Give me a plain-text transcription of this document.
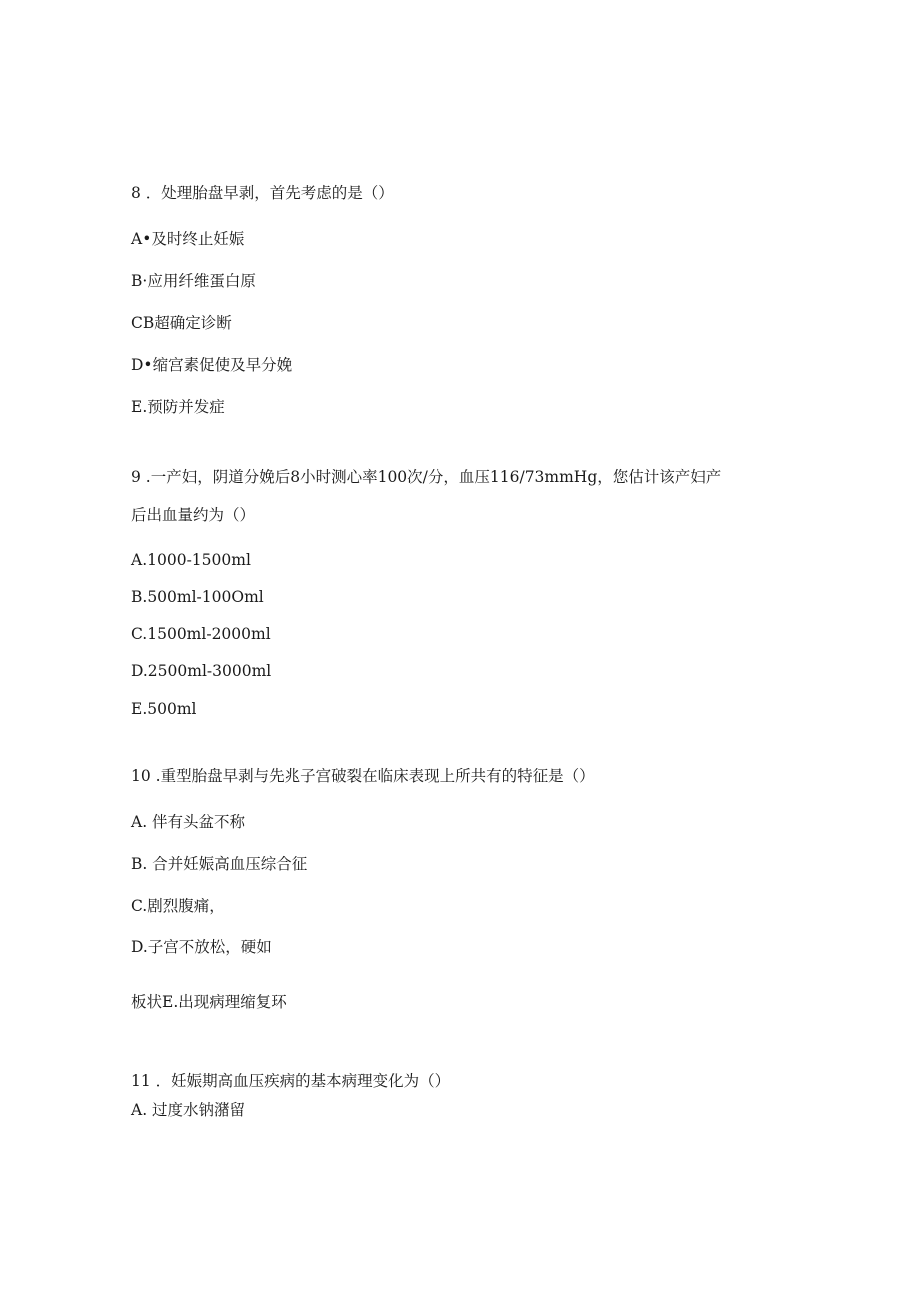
8 ．处理胎盘早剥，首先考虑的是（）
A•及时终止妊娠
B·应用纤维蛋白原
CB超确定诊断
D•缩宫素促使及早分娩
E.预防并发症
9 .一产妇，阴道分娩后8小时测心率100次/分，血压116/73mmHg，您估计该产妇产
后出血量约为（）
A.1000-1500ml
B.500ml-100Oml
C.1500ml-2000ml
D.2500ml-3000ml
E.500ml
10 .重型胎盘早剥与先兆子宫破裂在临床表现上所共有的特征是（）
A. 伴有头盆不称
B. 合并妊娠高血压综合征
C.剧烈腹痛，
D.子宫不放松，硬如
板状E.出现病理缩复环
11 ．妊娠期高血压疾病的基本病理变化为（）
A. 过度水钠潴留
